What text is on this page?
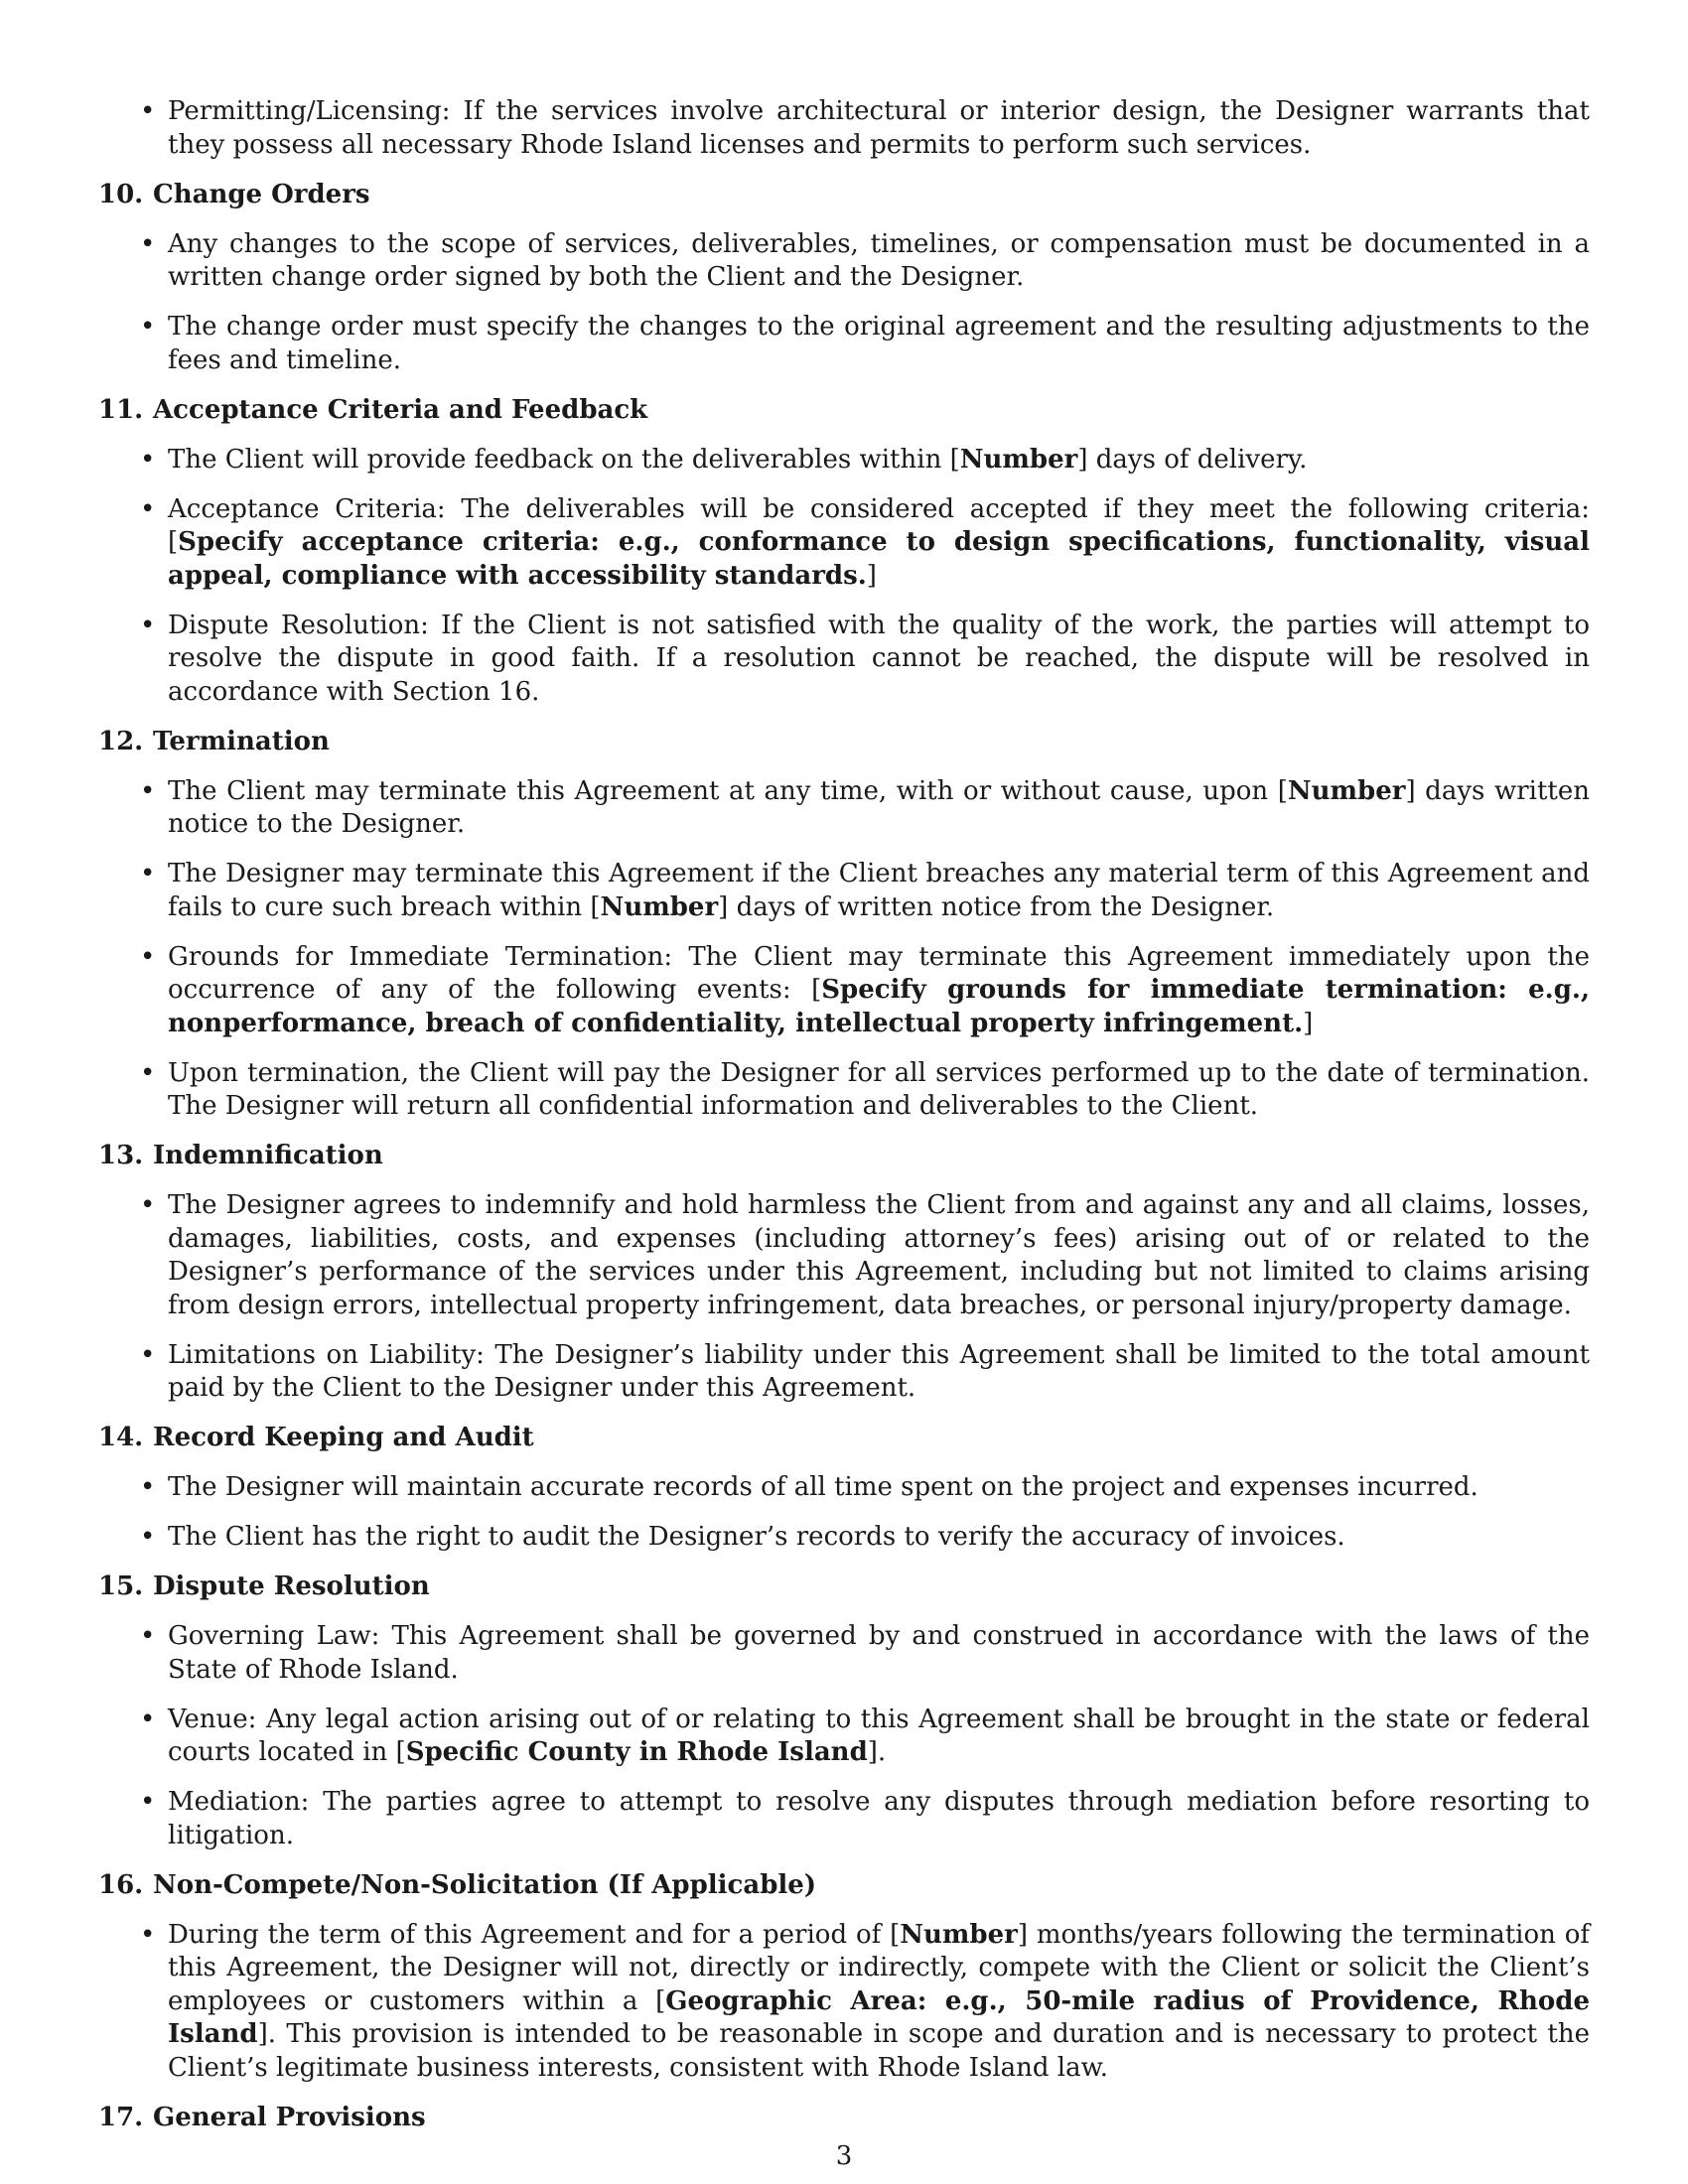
• Permitting/Licensing: If the services involve architectural or interior design, the Designer warrants that they possess all necessary Rhode Island licenses and permits to perform such services.
10. Change Orders
• Any changes to the scope of services, deliverables, timelines, or compensation must be documented in a written change order signed by both the Client and the Designer.
• The change order must specify the changes to the original agreement and the resulting adjustments to the fees and timeline.
11. Acceptance Criteria and Feedback
• The Client will provide feedback on the deliverables within [Number] days of delivery.
• Acceptance Criteria: The deliverables will be considered accepted if they meet the following criteria: [Specify acceptance criteria: e.g., conformance to design specifications, functionality, visual appeal, compliance with accessibility standards.]
• Dispute Resolution: If the Client is not satisfied with the quality of the work, the parties will attempt to resolve the dispute in good faith. If a resolution cannot be reached, the dispute will be resolved in accordance with Section 16.
12. Termination
• The Client may terminate this Agreement at any time, with or without cause, upon [Number] days written notice to the Designer.
• The Designer may terminate this Agreement if the Client breaches any material term of this Agreement and fails to cure such breach within [Number] days of written notice from the Designer.
• Grounds for Immediate Termination: The Client may terminate this Agreement immediately upon the occurrence of any of the following events: [Specify grounds for immediate termination: e.g., nonperformance, breach of confidentiality, intellectual property infringement.]
• Upon termination, the Client will pay the Designer for all services performed up to the date of termination. The Designer will return all confidential information and deliverables to the Client.
13. Indemnification
• The Designer agrees to indemnify and hold harmless the Client from and against any and all claims, losses, damages, liabilities, costs, and expenses (including attorney’s fees) arising out of or related to the Designer’s performance of the services under this Agreement, including but not limited to claims arising from design errors, intellectual property infringement, data breaches, or personal injury/property damage.
• Limitations on Liability: The Designer’s liability under this Agreement shall be limited to the total amount paid by the Client to the Designer under this Agreement.
14. Record Keeping and Audit
• The Designer will maintain accurate records of all time spent on the project and expenses incurred.
• The Client has the right to audit the Designer’s records to verify the accuracy of invoices.
15. Dispute Resolution
• Governing Law: This Agreement shall be governed by and construed in accordance with the laws of the State of Rhode Island.
• Venue: Any legal action arising out of or relating to this Agreement shall be brought in the state or federal courts located in [Specific County in Rhode Island].
• Mediation: The parties agree to attempt to resolve any disputes through mediation before resorting to litigation.
16. Non-Compete/Non-Solicitation (If Applicable)
• During the term of this Agreement and for a period of [Number] months/years following the termination of this Agreement, the Designer will not, directly or indirectly, compete with the Client or solicit the Client’s employees or customers within a [Geographic Area: e.g., 50-mile radius of Providence, Rhode Island]. This provision is intended to be reasonable in scope and duration and is necessary to protect the Client’s legitimate business interests, consistent with Rhode Island law.
17. General Provisions
3
